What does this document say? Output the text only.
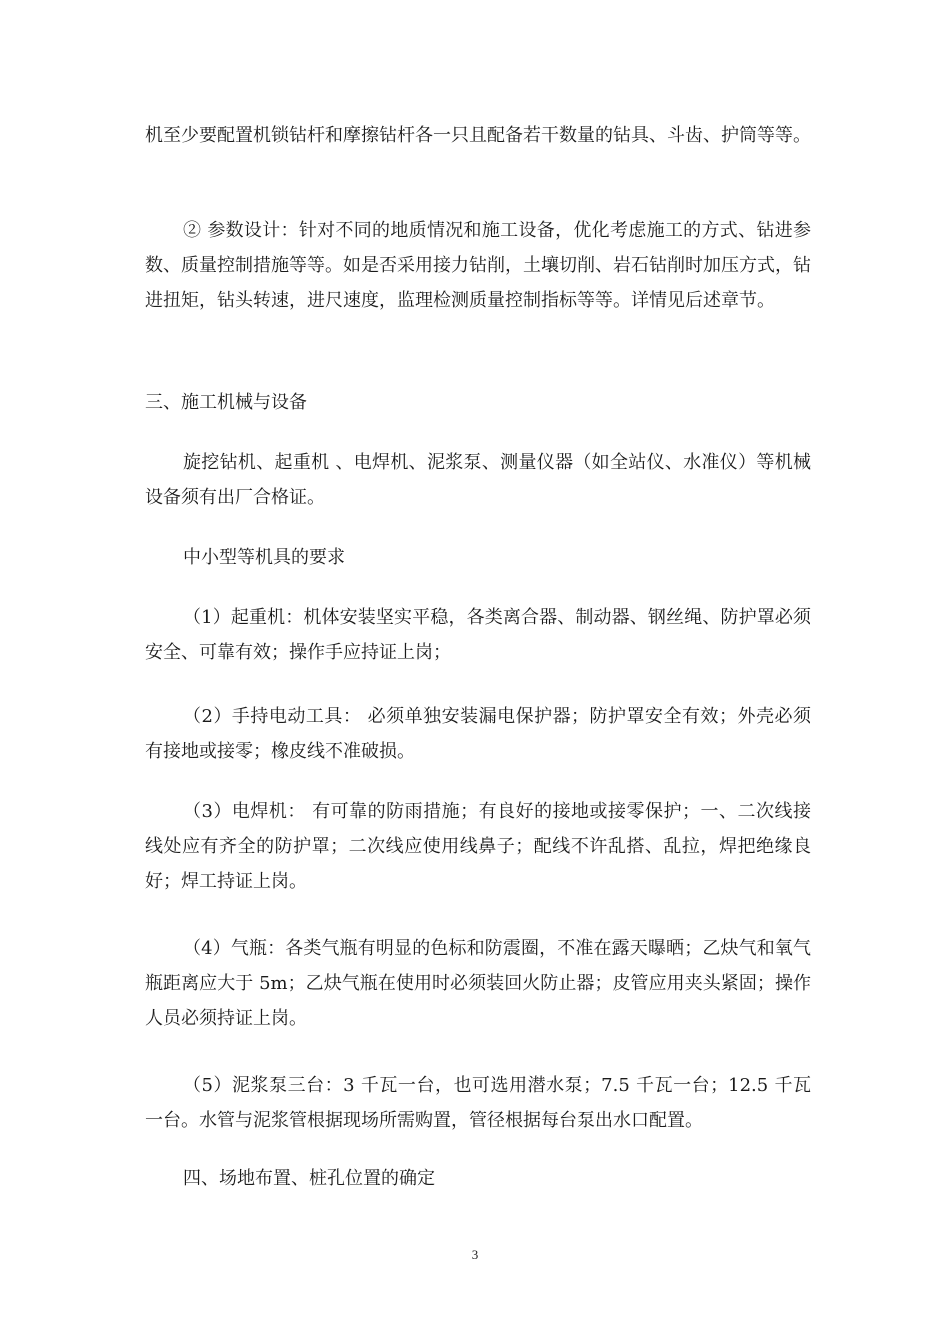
机至少要配置机锁钻杆和摩擦钻杆各一只且配备若干数量的钻具、斗齿、护筒等等。

② 参数设计：针对不同的地质情况和施工设备，优化考虑施工的方式、钻进参数、质量控制措施等等。如是否采用接力钻削，土壤切削、岩石钻削时加压方式，钻进扭矩，钻头转速，进尺速度，监理检测质量控制指标等等。详情见后述章节。

三、施工机械与设备

旋挖钻机、起重机 、电焊机、泥浆泵、测量仪器（如全站仪、水准仪）等机械设备须有出厂合格证。

中小型等机具的要求

（1）起重机：机体安装坚实平稳，各类离合器、制动器、钢丝绳、防护罩必须安全、可靠有效；操作手应持证上岗；

（2）手持电动工具： 必须单独安装漏电保护器；防护罩安全有效；外壳必须有接地或接零；橡皮线不准破损。

（3）电焊机： 有可靠的防雨措施；有良好的接地或接零保护；一、二次线接线处应有齐全的防护罩；二次线应使用线鼻子；配线不许乱搭、乱拉，焊把绝缘良好；焊工持证上岗。

（4）气瓶：各类气瓶有明显的色标和防震圈，不准在露天曝晒；乙炔气和氧气瓶距离应大于 5m；乙炔气瓶在使用时必须装回火防止器；皮管应用夹头紧固；操作人员必须持证上岗。

（5）泥浆泵三台：3 千瓦一台，也可选用潜水泵；7.5 千瓦一台；12.5 千瓦一台。水管与泥浆管根据现场所需购置，管径根据每台泵出水口配置。

四、场地布置、桩孔位置的确定

3
